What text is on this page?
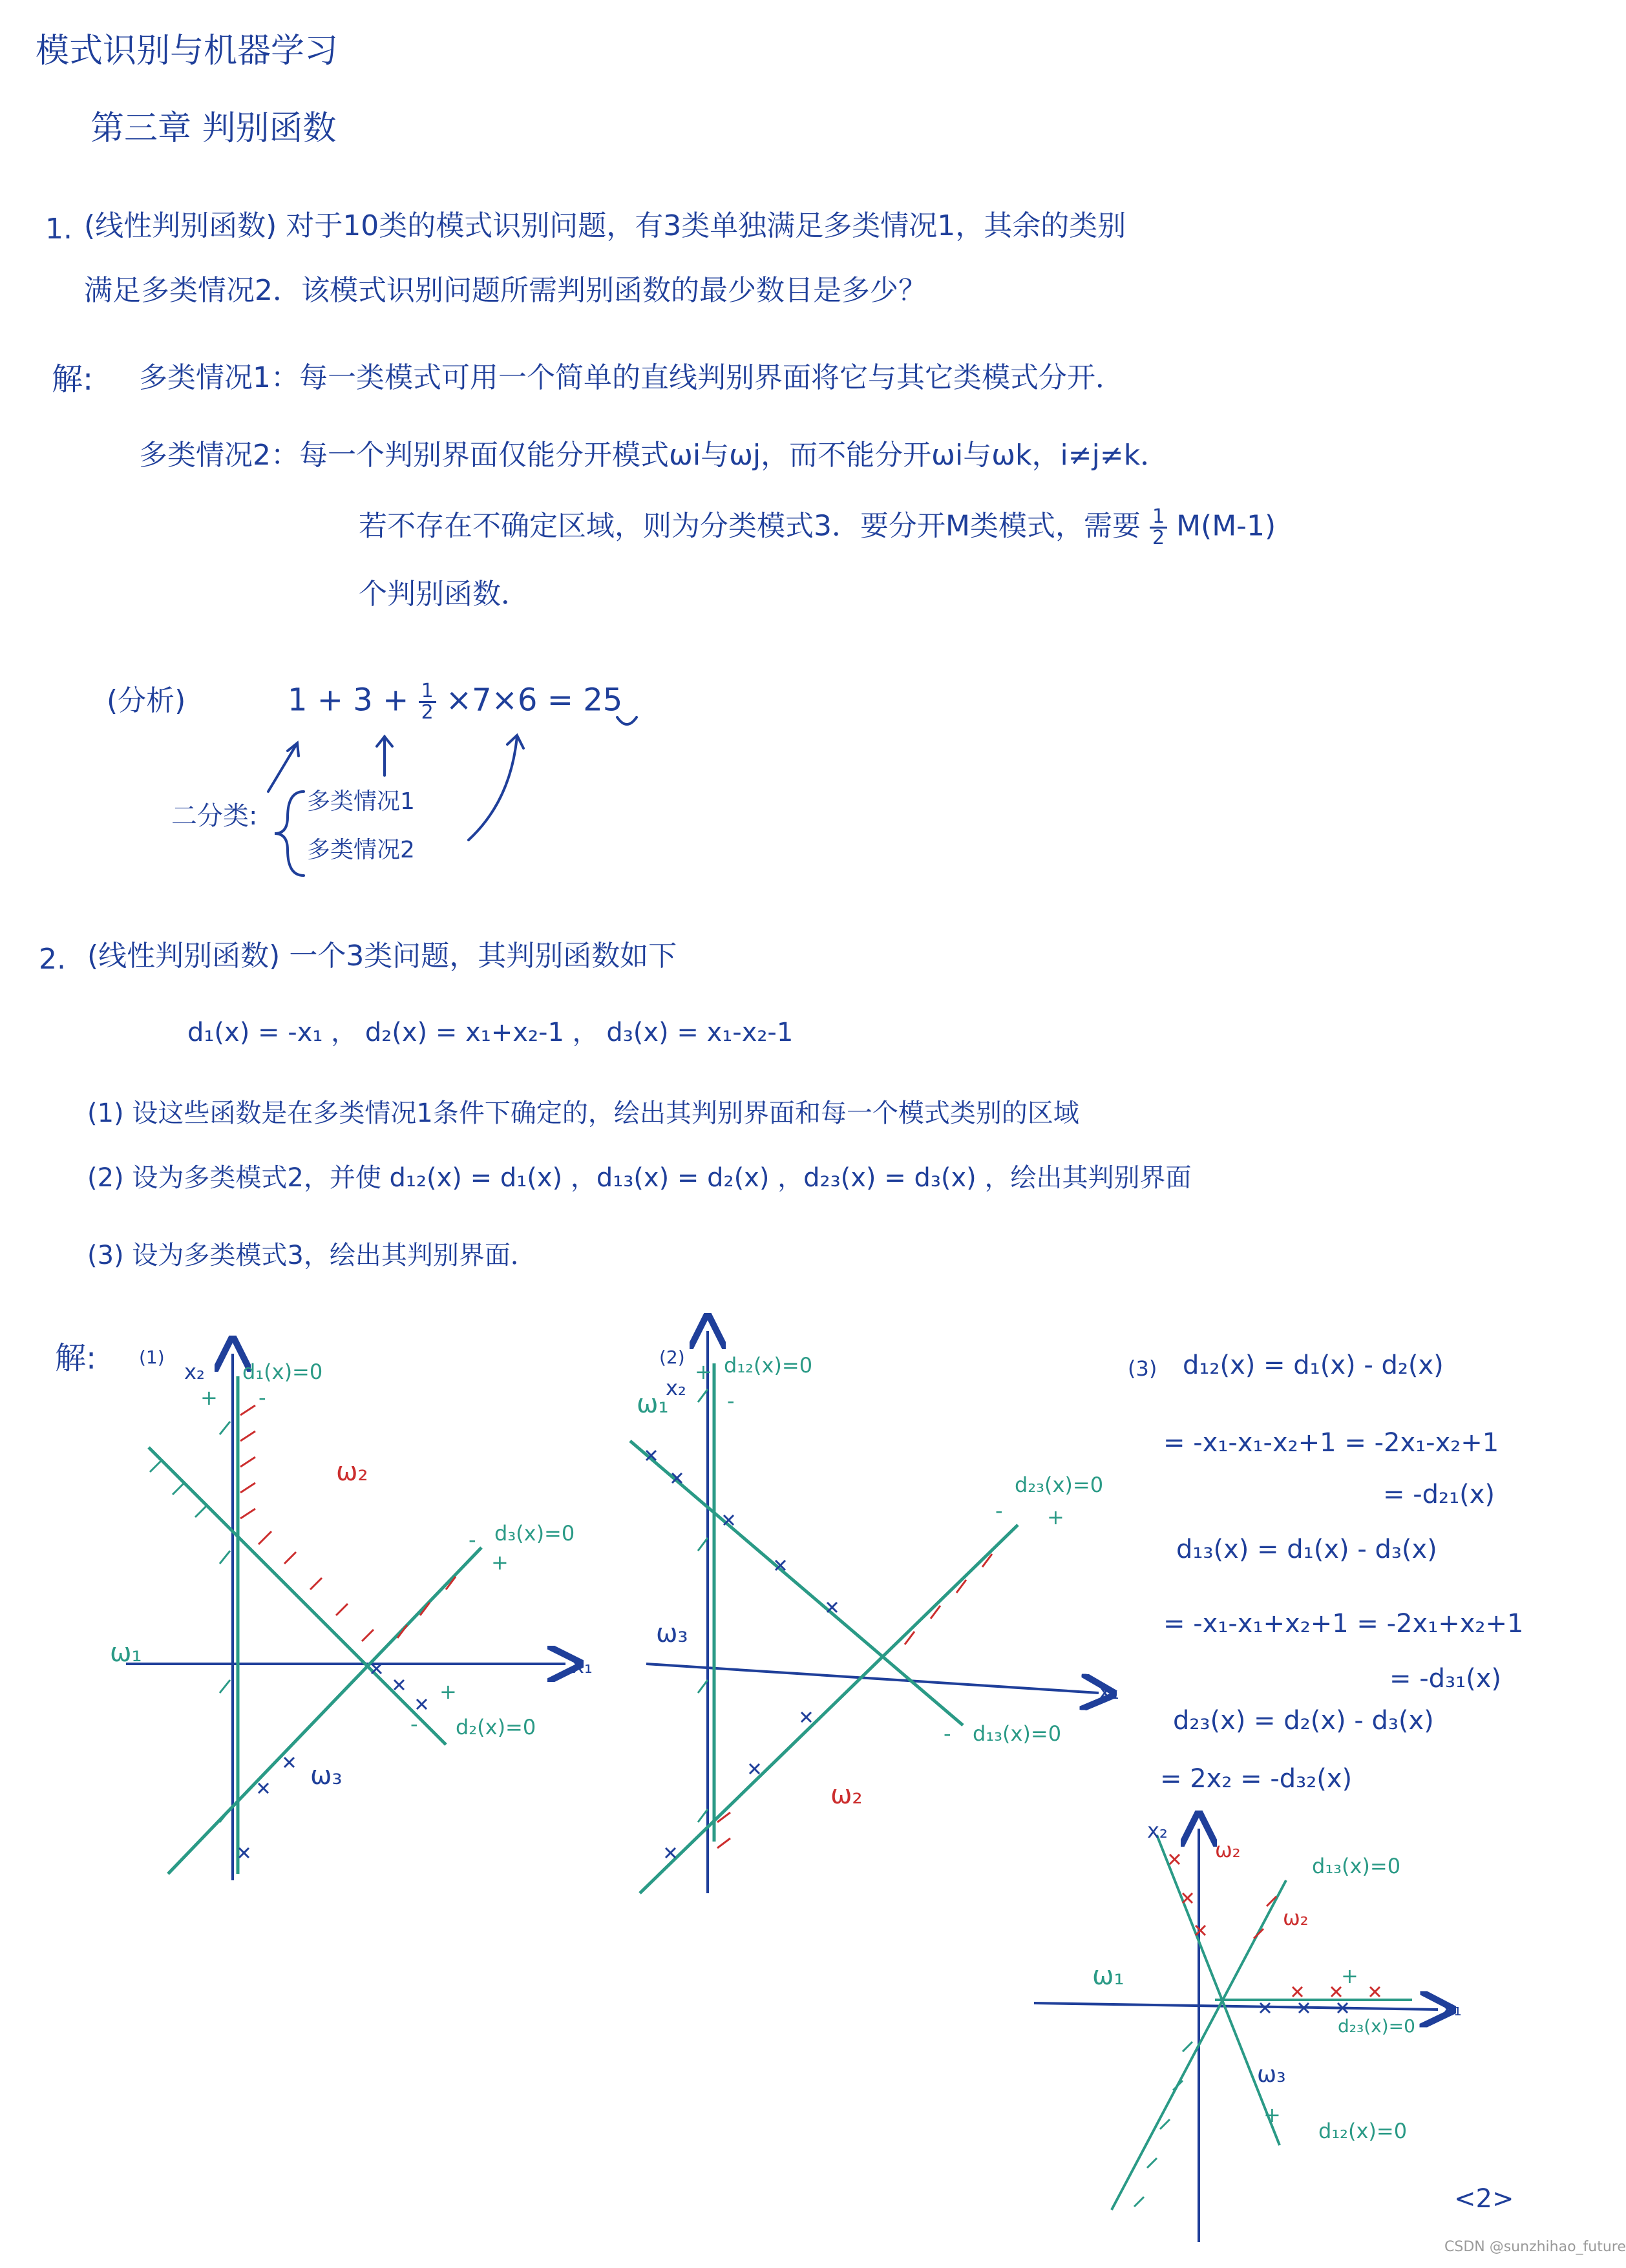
模式识别与机器学习
第三章 判别函数
1. (线性判别函数) 对于10类的模式识别问题，有3类单独满足多类情况1，其余的类别
满足多类情况2．该模式识别问题所需判别函数的最少数目是多少？
解: 多类情况1：每一类模式可用一个简单的直线判别界面将它与其它类模式分开．
多类情况2：每一个判别界面仅能分开模式ωi与ωj，而不能分开ωi与ωk，i≠j≠k．
若不存在不确定区域，则为分类模式3．要分开M类模式，需要 $\frac{1}{2} M(M-1)$
个判别函数．
(分析)	$1 + 3 + \frac{1}{2} \times 7\times 6 = 25$
二分类: 多类情况1
多类情况2
2. (线性判别函数) 一个3类问题，其判别函数如下
d₁(x) = -x₁ ， d₂(x) = x₁+x₂-1 ， d₃(x) = x₁-x₂-1
(1) 设这些函数是在多类情况1条件下确定的，绘出其判别界面和每一个模式类别的区域
(2) 设为多类模式2，并使 d₁₂(x) = d₁(x) ，d₁₃(x) = d₂(x) ，d₂₃(x) = d₃(x) ，绘出其判别界面
(3) 设为多类模式3，绘出其判别界面．
解: (1)	(2)	(3) d₁₂(x) = d₁(x) - d₂(x)
= -x₁-x₁-x₂+1 = -2x₁-x₂+1
= -d₂₁(x)
d₁₃(x) = d₁(x) - d₃(x)
= -x₁-x₁+x₂+1 = -2x₁+x₂+1
= -d₃₁(x)
d₂₃(x) = d₂(x) - d₃(x)
= 2x₂ = -d₃₂(x)
x₁
x₂ d₁(x)=0
d₂(x)=0
d₃(x)=0
ω₁
ω₂
ω₃
+ -
+
-
+
-
x₁
x₂
d₁₂(x)=0
d₁₃(x)=0
d₂₃(x)=0
ω₁
ω₂
ω₃
+
-
+
-
-
x₁
x₂
d₁₃(x)=0
d₂₃(x)=0
d₁₂(x)=0
ω₁
ω₂
ω₂
ω₃
+
+
<2>
CSDN @sunzhihao_future
